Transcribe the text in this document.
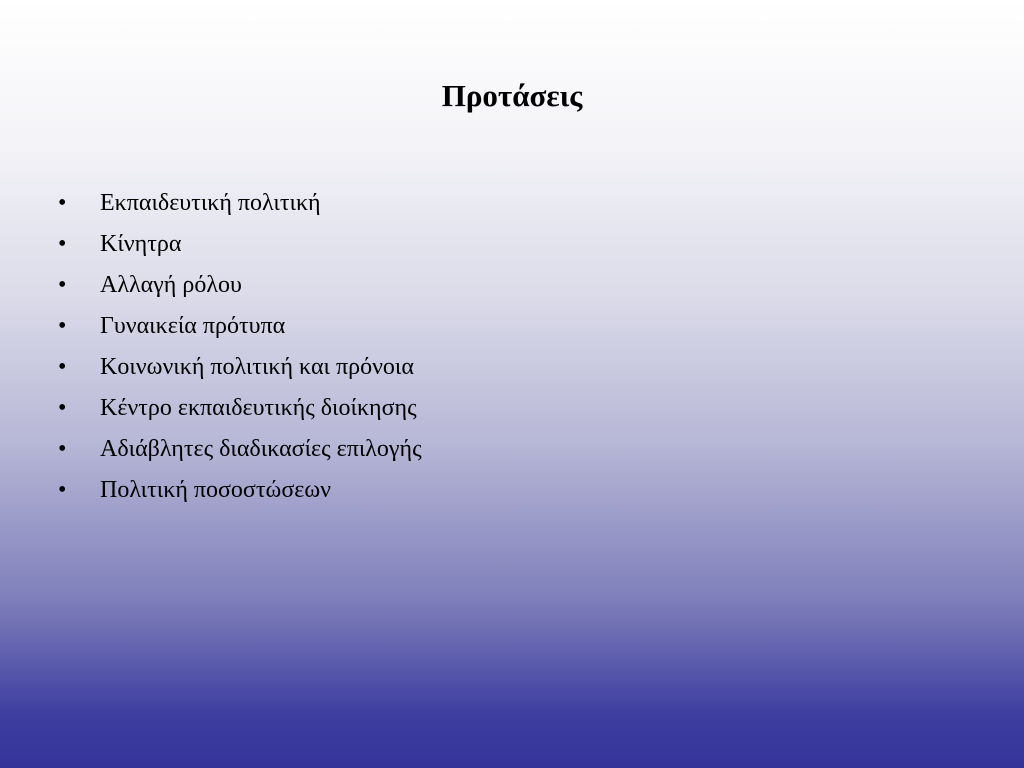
Προτάσεις
•	Εκπαιδευτική πολιτική
•	Κίνητρα
•	Αλλαγή ρόλου
•	Γυναικεία πρότυπα
•	Κοινωνική πολιτική και πρόνοια
•	Κέντρο εκπαιδευτικής διοίκησης
•	Αδιάβλητες διαδικασίες επιλογής
•	Πολιτική ποσοστώσεων
